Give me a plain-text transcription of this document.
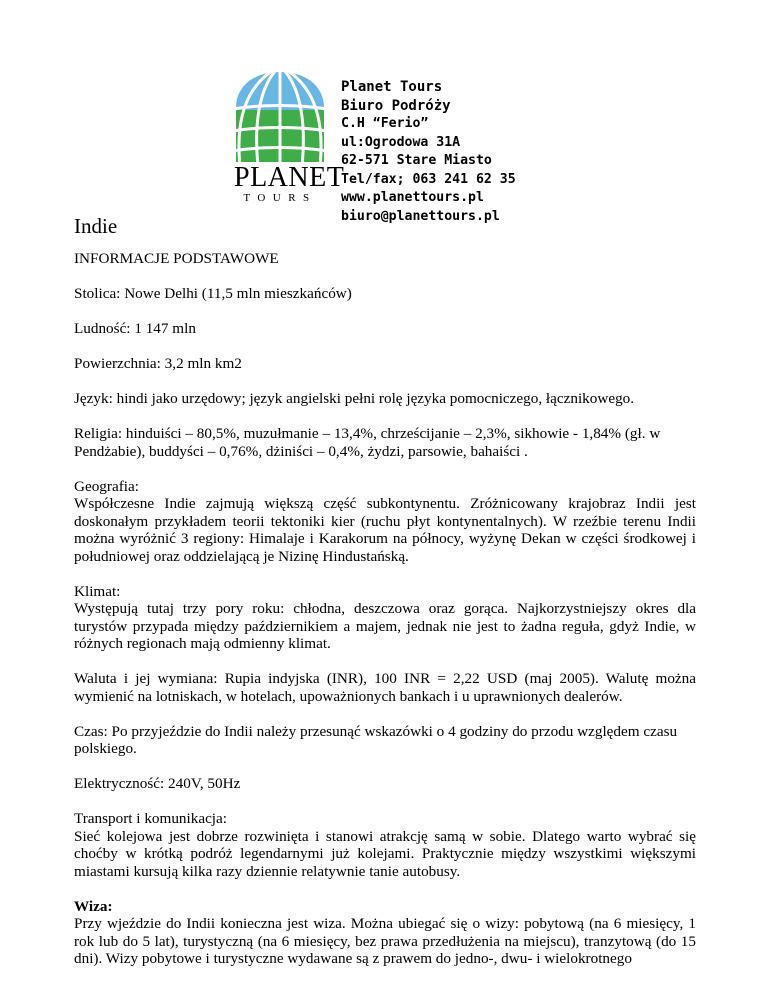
PLANET
TOURS
Planet Tours
Biuro Podróży
C.H “Ferio”
ul:Ogrodowa 31A
62-571 Stare Miasto
Tel/fax; 063 241 62 35
www.planettours.pl
biuro@planettours.pl
Indie

INFORMACJE PODSTAWOWE

Stolica: Nowe Delhi (11,5 mln mieszkańców)

Ludność: 1 147 mln

Powierzchnia: 3,2 mln km2

Język: hindi jako urzędowy; język angielski pełni rolę języka pomocniczego, łącznikowego.

Religia: hinduiści – 80,5%, muzułmanie – 13,4%, chrześcijanie – 2,3%, sikhowie - 1,84% (gł. w Pendżabie), buddyści – 0,76%, dżiniści – 0,4%, żydzi, parsowie, bahaiści .

Geografia:
Współczesne Indie zajmują większą część subkontynentu. Zróżnicowany krajobraz Indii jest doskonałym przykładem teorii tektoniki kier (ruchu płyt kontynentalnych). W rzeźbie terenu Indii można wyróżnić 3 regiony: Himalaje i Karakorum na północy, wyżynę Dekan w części środkowej i południowej oraz oddzielającą je Nizinę Hindustańską.
Klimat:
Występują tutaj trzy pory roku: chłodna, deszczowa oraz gorąca. Najkorzystniejszy okres dla turystów przypada między październikiem a majem, jednak nie jest to żadna reguła, gdyż Indie, w różnych regionach mają odmienny klimat.

Waluta i jej wymiana: Rupia indyjska (INR), 100 INR = 2,22 USD (maj 2005). Walutę można wymienić na lotniskach, w hotelach, upoważnionych bankach i u uprawnionych dealerów.

Czas: Po przyjeździe do Indii należy przesunąć wskazówki o 4 godziny do przodu względem czasu polskiego.

Elektryczność: 240V, 50Hz

Transport i komunikacja:
Sieć kolejowa jest dobrze rozwinięta i stanowi atrakcję samą w sobie. Dlatego warto wybrać się choćby w krótką podróż legendarnymi już kolejami. Praktycznie między wszystkimi większymi miastami kursują kilka razy dziennie relatywnie tanie autobusy.
Wiza:
Przy wjeździe do Indii konieczna jest wiza. Można ubiegać się o wizy: pobytową (na 6 miesięcy, 1 rok lub do 5 lat), turystyczną (na 6 miesięcy, bez prawa przedłużenia na miejscu), tranzytową (do 15 dni). Wizy pobytowe i turystyczne wydawane są z prawem do jedno-, dwu- i wielokrotnego
